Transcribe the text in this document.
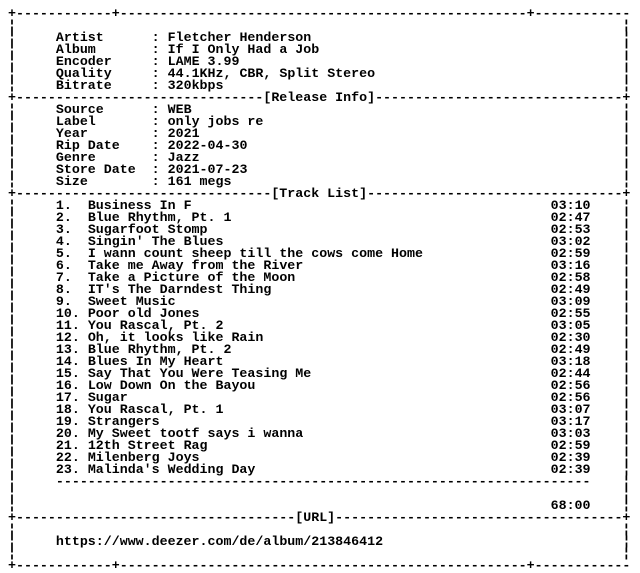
+------------+---------------------------------------------------+------------
¦                                                                            ¦
¦     Artist      : Fletcher Henderson                                       ¦
¦     Album       : If I Only Had a Job                                      ¦
¦     Encoder     : LAME 3.99                                                ¦
¦     Quality     : 44.1KHz, CBR, Split Stereo                               ¦
¦     Bitrate     : 320kbps                                                  ¦
+-------------------------------[Release Info]-------------------------------+
¦     Source      : WEB                                                      ¦
¦     Label       : only jobs re                                             ¦
¦     Year        : 2021                                                     ¦
¦     Rip Date    : 2022-04-30                                               ¦
¦     Genre       : Jazz                                                     ¦
¦     Store Date  : 2021-07-23                                               ¦
¦     Size        : 161 megs                                                 ¦
+--------------------------------[Track List]--------------------------------+
¦     1.  Business In F	03:10    ¦
¦     2.  Blue Rhythm, Pt. 1	02:47    ¦
¦     3.  Sugarfoot Stomp	02:53    ¦
¦     4.  Singin' The Blues	03:02    ¦
¦     5.  I wann count sheep till the cows come Home	02:59    ¦
¦     6.  Take me Away from the River	03:16    ¦
¦     7.  Take a Picture of the Moon	02:58    ¦
¦     8.  IT's The Darndest Thing	02:49    ¦
¦     9.  Sweet Music	03:09    ¦
¦     10. Poor old Jones	02:55    ¦
¦     11. You Rascal, Pt. 2	03:05    ¦
¦     12. Oh, it looks like Rain	02:30    ¦
¦     13. Blue Rhythm, Pt. 2	02:49    ¦
¦     14. Blues In My Heart	03:18    ¦
¦     15. Say That You Were Teasing Me	02:44    ¦
¦     16. Low Down On the Bayou	02:56    ¦
¦     17. Sugar	02:56    ¦
¦     18. You Rascal, Pt. 1	03:07    ¦
¦     19. Strangers	03:17    ¦
¦     20. My Sweet tootf says i wanna	03:03    ¦
¦     21. 12th Street Rag	02:59    ¦
¦     22. Milenberg Joys	02:39    ¦
¦     23. Malinda's Wedding Day	02:39    ¦
¦     -------------------------------------------------------------------    ¦
¦                                                                            ¦
¦                                                                   68:00    ¦
+-----------------------------------[URL]------------------------------------+
¦                                                                            ¦
¦     https://www.deezer.com/de/album/213846412                              ¦
¦                                                                            ¦
+------------+---------------------------------------------------+------------
